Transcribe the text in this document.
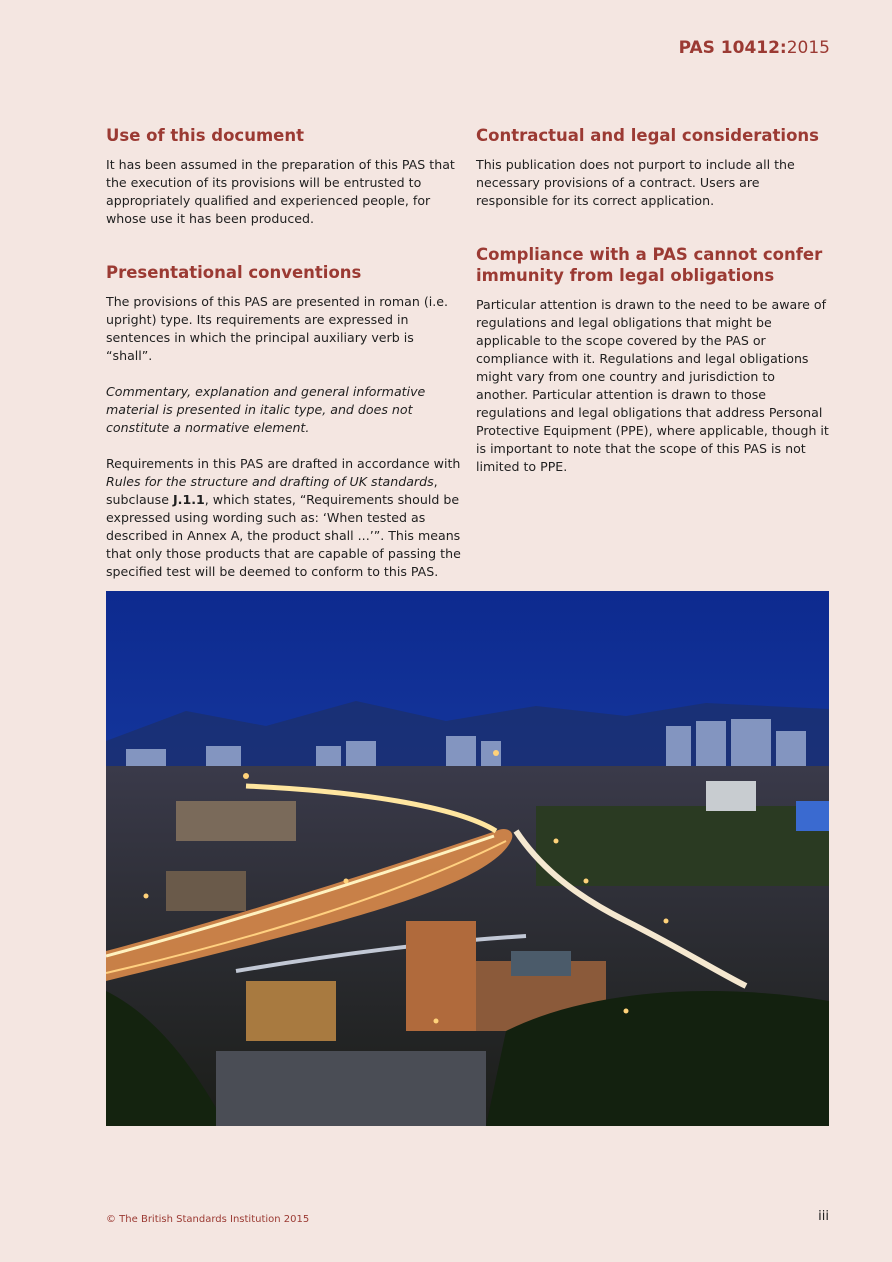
PAS 10412:2015
Use of this document

It has been assumed in the preparation of this PAS that the execution of its provisions will be entrusted to appropriately qualified and experienced people, for whose use it has been produced.

Presentational conventions

The provisions of this PAS are presented in roman (i.e. upright) type. Its requirements are expressed in sentences in which the principal auxiliary verb is “shall”.

Commentary, explanation and general informative material is presented in italic type, and does not constitute a normative element.

Requirements in this PAS are drafted in accordance with Rules for the structure and drafting of UK standards, subclause J.1.1, which states, “Requirements should be expressed using wording such as: ‘When tested as described in Annex A, the product shall ...’”. This means that only those products that are capable of passing the specified test will be deemed to conform to this PAS.

Contractual and legal considerations

This publication does not purport to include all the necessary provisions of a contract. Users are responsible for its correct application.

Compliance with a PAS cannot confer immunity from legal obligations

Particular attention is drawn to the need to be aware of regulations and legal obligations that might be applicable to the scope covered by the PAS or compliance with it. Regulations and legal obligations might vary from one country and jurisdiction to another. Particular attention is drawn to those regulations and legal obligations that address Personal Protective Equipment (PPE), where applicable, though it is important to note that the scope of this PAS is not limited to PPE.

© The British Standards Institution 2015	iii
